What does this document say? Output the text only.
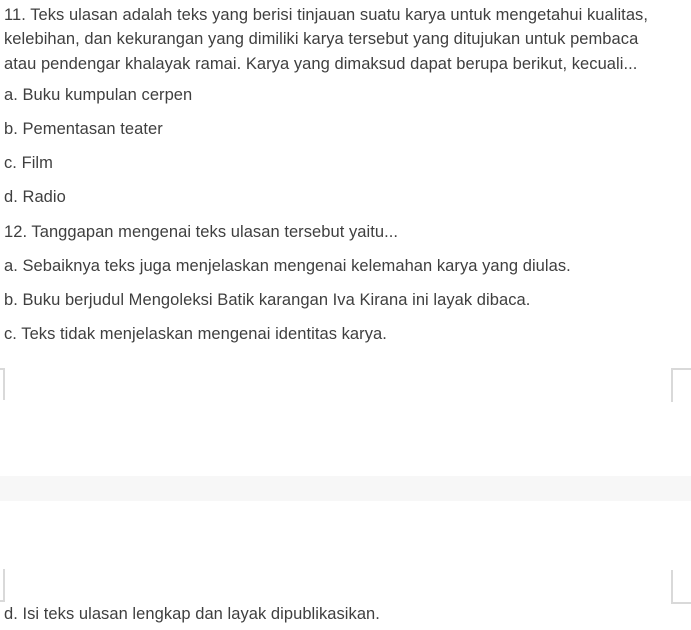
11. Teks ulasan adalah teks yang berisi tinjauan suatu karya untuk mengetahui kualitas,
kelebihan, dan kekurangan yang dimiliki karya tersebut yang ditujukan untuk pembaca
atau pendengar khalayak ramai. Karya yang dimaksud dapat berupa berikut, kecuali...
a. Buku kumpulan cerpen
b. Pementasan teater
c. Film
d. Radio
12. Tanggapan mengenai teks ulasan tersebut yaitu...
a. Sebaiknya teks juga menjelaskan mengenai kelemahan karya yang diulas.
b. Buku berjudul Mengoleksi Batik karangan Iva Kirana ini layak dibaca.
c. Teks tidak menjelaskan mengenai identitas karya.
d. Isi teks ulasan lengkap dan layak dipublikasikan.
